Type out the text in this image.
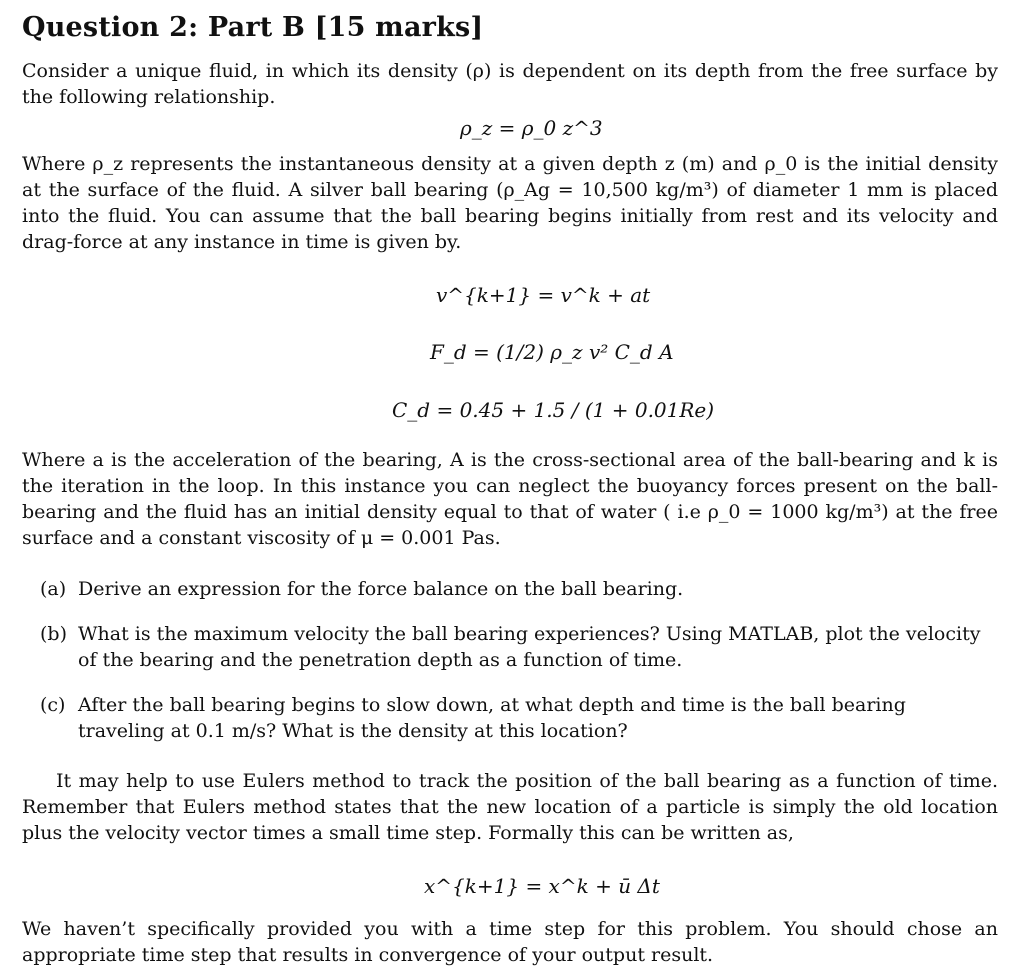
Question 2: Part B [15 marks]
Consider a unique fluid, in which its density (ρ) is dependent on its depth from the free surface by the following relationship.
ρ_z = ρ_0 z^3
Where ρ_z represents the instantaneous density at a given depth z (m) and ρ_0 is the initial density at the surface of the fluid. A silver ball bearing (ρ_Ag = 10,500 kg/m³) of diameter 1 mm is placed into the fluid. You can assume that the ball bearing begins initially from rest and its velocity and drag-force at any instance in time is given by.
v^{k+1} = v^k + at
F_d = (1/2) ρ_z v² C_d A
C_d = 0.45 + 1.5 / (1 + 0.01Re)
Where a is the acceleration of the bearing, A is the cross-sectional area of the ball-bearing and k is the iteration in the loop. In this instance you can neglect the buoyancy forces present on the ball-bearing and the fluid has an initial density equal to that of water ( i.e ρ_0 = 1000 kg/m³) at the free surface and a constant viscosity of μ = 0.001 Pas.
(a) Derive an expression for the force balance on the ball bearing.
(b) What is the maximum velocity the ball bearing experiences? Using MATLAB, plot the velocity of the bearing and the penetration depth as a function of time.
(c) After the ball bearing begins to slow down, at what depth and time is the ball bearing traveling at 0.1 m/s? What is the density at this location?
It may help to use Eulers method to track the position of the ball bearing as a function of time. Remember that Eulers method states that the new location of a particle is simply the old location plus the velocity vector times a small time step. Formally this can be written as,
x^{k+1} = x^k + ū Δt
We haven’t specifically provided you with a time step for this problem. You should chose an appropriate time step that results in convergence of your output result.
